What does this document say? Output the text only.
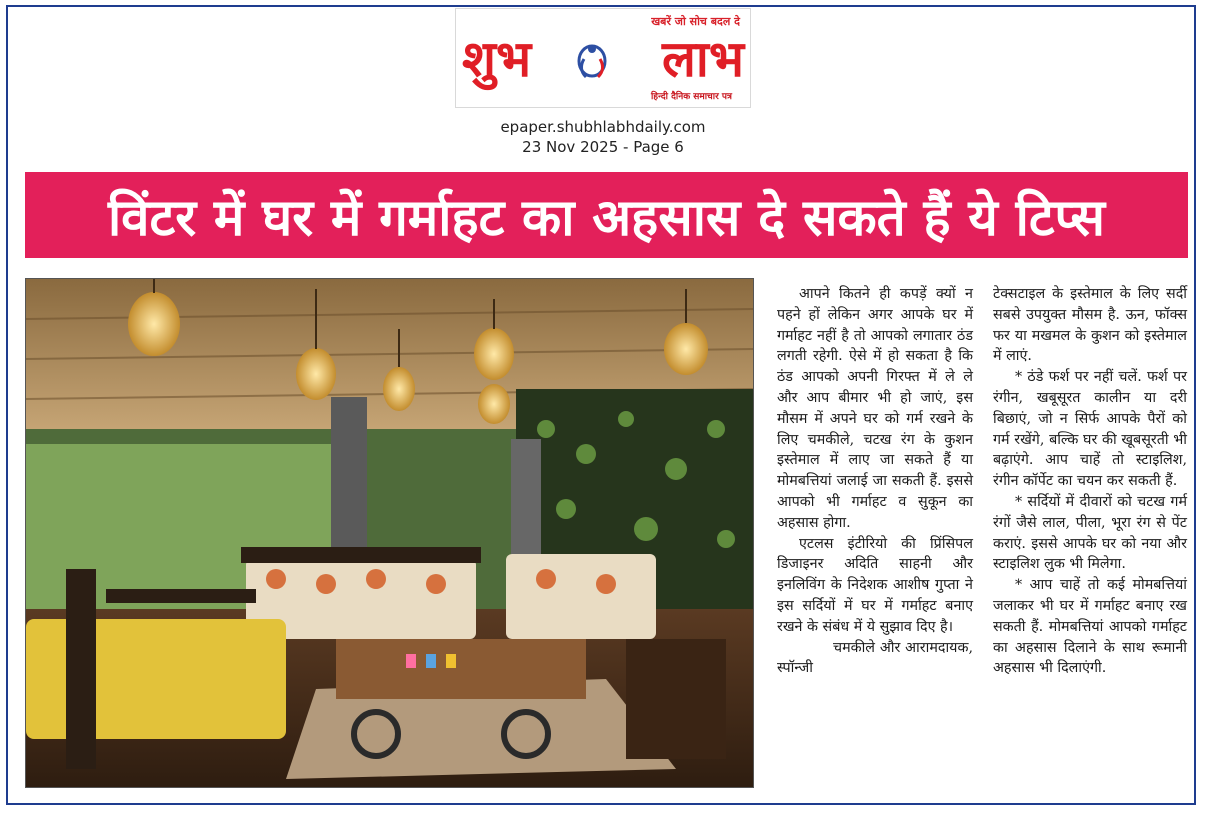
खबरें जो सोच बदल दे
शुभ	लाभ
हिन्दी दैनिक समाचार पत्र
epaper.shubhlabhdaily.com
23 Nov 2025 - Page 6
विंटर में घर में गर्माहट का अहसास दे सकते हैं ये टिप्स

आपने कितने ही कपड़ें क्यों न पहने हों लेकिन अगर आपके घर में गर्माहट नहीं है तो आपको लगातार ठंड लगती रहेगी. ऐसे में हो सकता है कि ठंड आपको अपनी गिरफ्त में ले ले और आप बीमार भी हो जाएं, इस मौसम में अपने घर को गर्म रखने के लिए चमकीले, चटख रंग के कुशन इस्तेमाल में लाए जा सकते हैं या मोमबत्तियां जलाई जा सकती हैं. इससे आपको भी गर्माहट व सुकून का अहसास होगा.

एटलस इंटीरियो की प्रिंसिपल डिजाइनर अदिति साहनी और इनलिविंग के निदेशक आशीष गुप्ता ने इस सर्दियों में घर में गर्माहट बनाए रखने के संबंध में ये सुझाव दिए है।

चमकीले और आरामदायक, स्पॉन्जी

टेक्सटाइल के इस्तेमाल के लिए सर्दी सबसे उपयुक्त मौसम है. ऊन, फॉक्स फर या मखमल के कुशन को इस्तेमाल में लाएं.

* ठंडे फर्श पर नहीं चलें. फर्श पर रंगीन, खबूसूरत कालीन या दरी बिछाएं, जो न सिर्फ आपके पैरों को गर्म रखेंगे, बल्कि घर की खूबसूरती भी बढ़ाएंगे. आप चाहें तो स्टाइलिश, रंगीन कॉर्पेट का चयन कर सकती हैं.

* सर्दियों में दीवारों को चटख गर्म रंगों जैसे लाल, पीला, भूरा रंग से पेंट कराएं. इससे आपके घर को नया और स्टाइलिश लुक भी मिलेगा.

* आप चाहें तो कई मोमबत्तियां जलाकर भी घर में गर्माहट बनाए रख सकती हैं. मोमबत्तियां आपको गर्माहट का अहसास दिलाने के साथ रूमानी अहसास भी दिलाएंगी.
